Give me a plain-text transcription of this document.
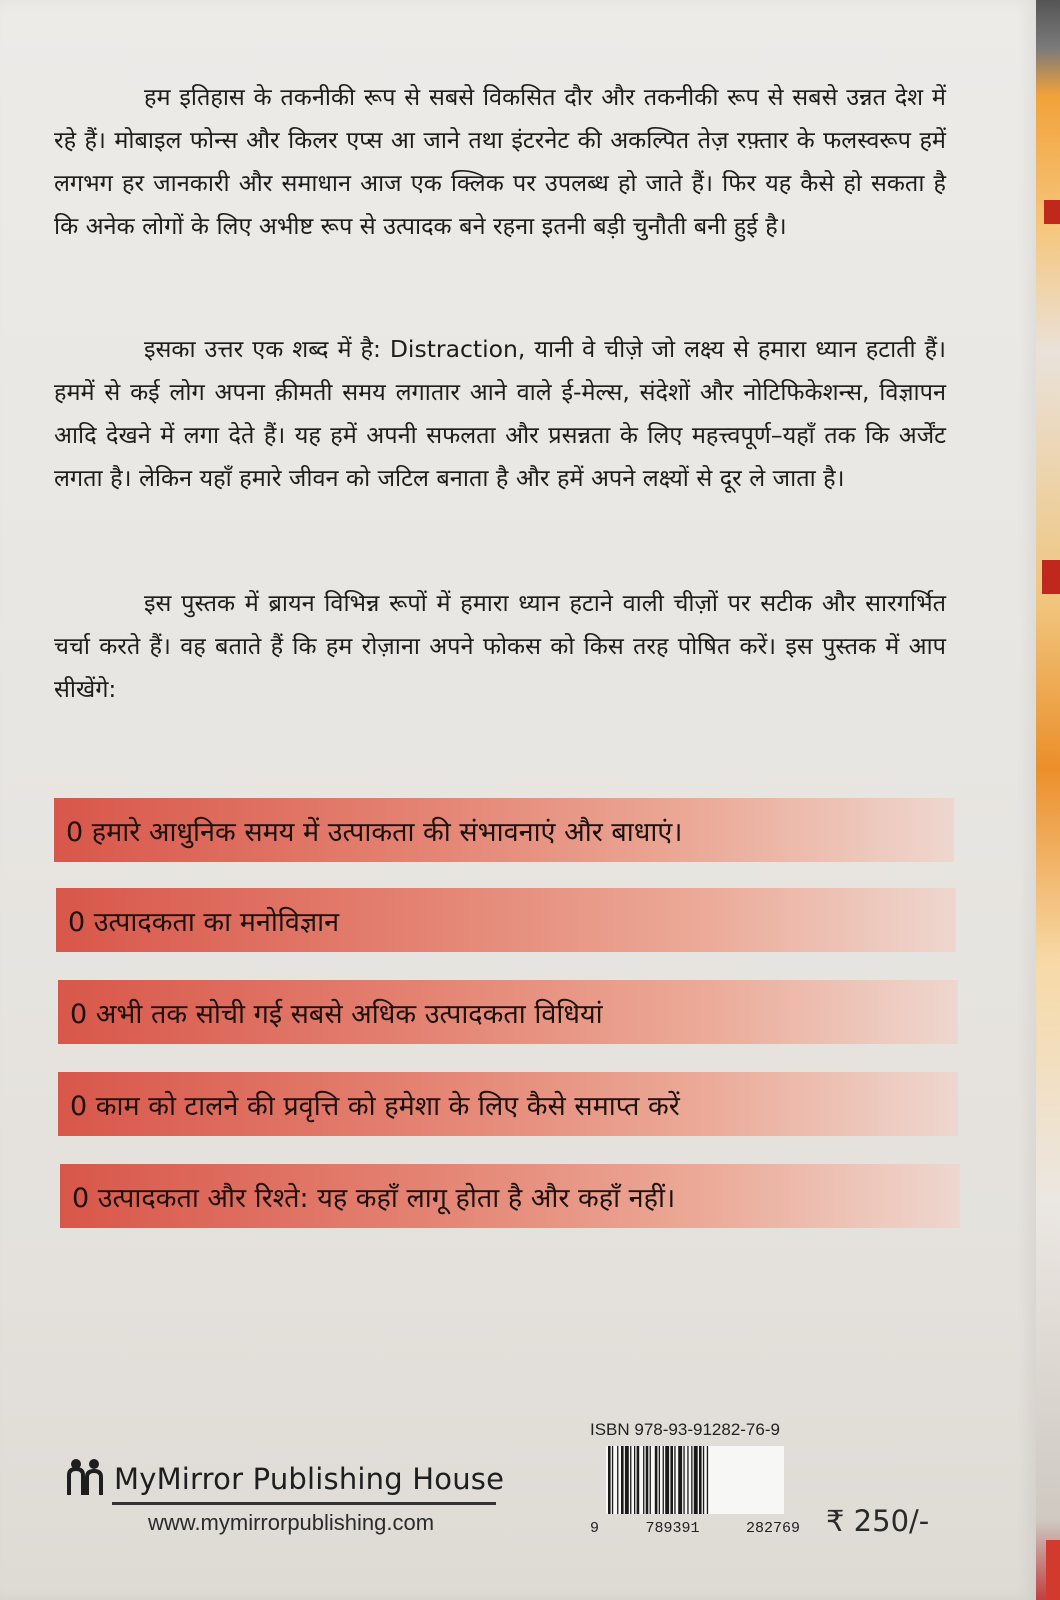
हम इतिहास के तकनीकी रूप से सबसे विकसित दौर और तकनीकी रूप से सबसे उन्नत देश में रहे हैं। मोबाइल फोन्स और किलर एप्स आ जाने तथा इंटरनेट की अकल्पित तेज़ रफ़्तार के फलस्वरूप हमें लगभग हर जानकारी और समाधान आज एक क्लिक पर उपलब्ध हो जाते हैं। फिर यह कैसे हो सकता है कि अनेक लोगों के लिए अभीष्ट रूप से उत्पादक बने रहना इतनी बड़ी चुनौती बनी हुई है।

इसका उत्तर एक शब्द में है: Distraction, यानी वे चीज़े जो लक्ष्य से हमारा ध्यान हटाती हैं। हममें से कई लोग अपना क़ीमती समय लगातार आने वाले ई-मेल्स, संदेशों और नोटिफिकेशन्स, विज्ञापन आदि देखने में लगा देते हैं। यह हमें अपनी सफलता और प्रसन्नता के लिए महत्त्वपूर्ण–यहाँ तक कि अर्जेंट लगता है। लेकिन यहाँ हमारे जीवन को जटिल बनाता है और हमें अपने लक्ष्यों से दूर ले जाता है।

इस पुस्तक में ब्रायन विभिन्न रूपों में हमारा ध्यान हटाने वाली चीज़ों पर सटीक और सारगर्भित चर्चा करते हैं। वह बताते हैं कि हम रोज़ाना अपने फोकस को किस तरह पोषित करें। इस पुस्तक में आप सीखेंगे:

0 हमारे आधुनिक समय में उत्पाकता की संभावनाएं और बाधाएं।
0 उत्पादकता का मनोविज्ञान
0 अभी तक सोची गई सबसे अधिक उत्पादकता विधियां
0 काम को टालने की प्रवृत्ति को हमेशा के लिए कैसे समाप्त करें
0 उत्पादकता और रिश्ते: यह कहाँ लागू होता है और कहाँ नहीं।
ISBN 978-93-91282-76-9
9	789391	282769 ₹ 250/-
MyMirror Publishing House
www.mymirrorpublishing.com
